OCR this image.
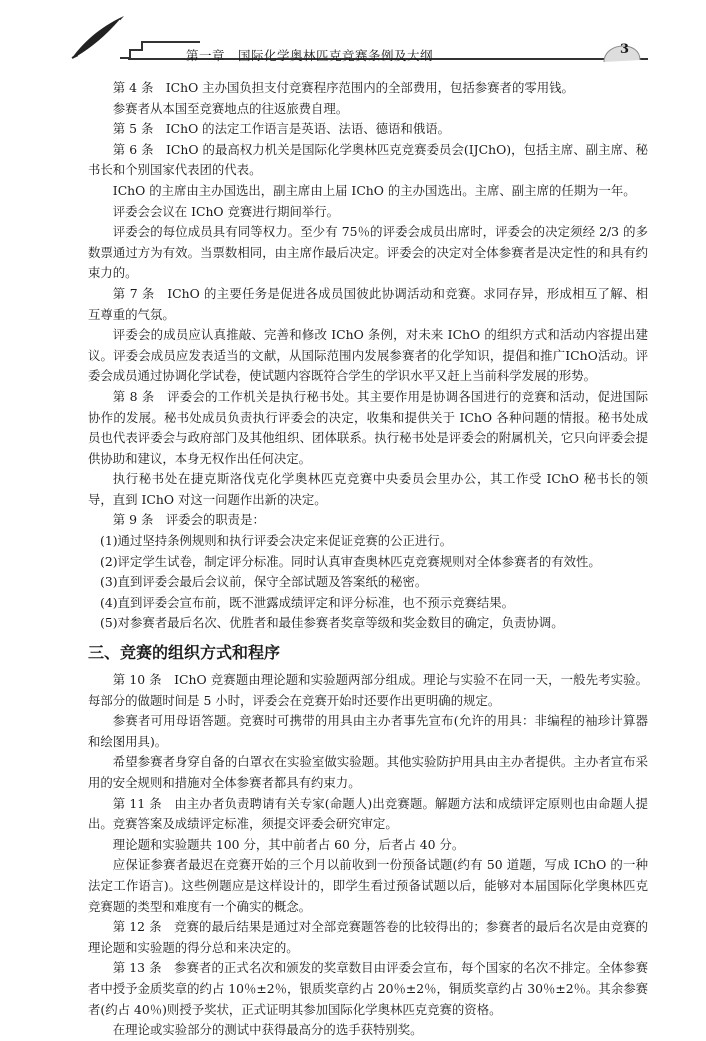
第一章　国际化学奥林匹克竞赛条例及大纲	3

第 4 条　IChO 主办国负担支付竞赛程序范围内的全部费用，包括参赛者的零用钱。

参赛者从本国至竞赛地点的往返旅费自理。

第 5 条　IChO 的法定工作语言是英语、法语、德语和俄语。

第 6 条　IChO 的最高权力机关是国际化学奥林匹克竞赛委员会(IJChO)，包括主席、副主席、秘书长和个别国家代表团的代表。

IChO 的主席由主办国选出，副主席由上届 IChO 的主办国选出。主席、副主席的任期为一年。

评委会会议在 IChO 竞赛进行期间举行。

评委会的每位成员具有同等权力。至少有 75％的评委会成员出席时，评委会的决定须经 2/3 的多数票通过方为有效。当票数相同，由主席作最后决定。评委会的决定对全体参赛者是决定性的和具有约束力的。

第 7 条　IChO 的主要任务是促进各成员国彼此协调活动和竞赛。求同存异，形成相互了解、相互尊重的气氛。

评委会的成员应认真推敲、完善和修改 IChO 条例，对未来 IChO 的组织方式和活动内容提出建议。评委会成员应发表适当的文献，从国际范围内发展参赛者的化学知识，提倡和推广IChO活动。评委会成员通过协调化学试卷，使试题内容既符合学生的学识水平又赶上当前科学发展的形势。

第 8 条　评委会的工作机关是执行秘书处。其主要作用是协调各国进行的竞赛和活动，促进国际协作的发展。秘书处成员负责执行评委会的决定，收集和提供关于 IChO 各种问题的情报。秘书处成员也代表评委会与政府部门及其他组织、团体联系。执行秘书处是评委会的附属机关，它只向评委会提供协助和建议，本身无权作出任何决定。

执行秘书处在捷克斯洛伐克化学奥林匹克竞赛中央委员会里办公，其工作受 IChO 秘书长的领导，直到 IChO 对这一问题作出新的决定。

第 9 条　评委会的职责是：

(1)通过坚持条例规则和执行评委会决定来促证竞赛的公正进行。

(2)评定学生试卷，制定评分标准。同时认真审查奥林匹克竞赛规则对全体参赛者的有效性。

(3)直到评委会最后会议前，保守全部试题及答案纸的秘密。

(4)直到评委会宣布前，既不泄露成绩评定和评分标准，也不预示竞赛结果。

(5)对参赛者最后名次、优胜者和最佳参赛者奖章等级和奖金数目的确定，负责协调。

三、竞赛的组织方式和程序

第 10 条　IChO 竞赛题由理论题和实验题两部分组成。理论与实验不在同一天，一般先考实验。每部分的做题时间是 5 小时，评委会在竞赛开始时还要作出更明确的规定。

参赛者可用母语答题。竞赛时可携带的用具由主办者事先宣布(允许的用具：非编程的袖珍计算器和绘图用具)。

希望参赛者身穿自备的白罩衣在实验室做实验题。其他实验防护用具由主办者提供。主办者宣布采用的安全规则和措施对全体参赛者都具有约束力。

第 11 条　由主办者负责聘请有关专家(命题人)出竞赛题。解题方法和成绩评定原则也由命题人提出。竞赛答案及成绩评定标准，须提交评委会研究审定。

理论题和实验题共 100 分，其中前者占 60 分，后者占 40 分。

应保证参赛者最迟在竞赛开始的三个月以前收到一份预备试题(约有 50 道题，写成 IChO 的一种法定工作语言)。这些例题应是这样设计的，即学生看过预备试题以后，能够对本届国际化学奥林匹克竞赛题的类型和难度有一个确实的概念。

第 12 条　竞赛的最后结果是通过对全部竞赛题答卷的比较得出的；参赛者的最后名次是由竞赛的理论题和实验题的得分总和来决定的。

第 13 条　参赛者的正式名次和颁发的奖章数目由评委会宣布，每个国家的名次不排定。全体参赛者中授予金质奖章的约占 10％±2％，银质奖章约占 20％±2％，铜质奖章约占 30％±2％。其余参赛者(约占 40％)则授予奖状，正式证明其参加国际化学奥林匹克竞赛的资格。

在理论或实验部分的测试中获得最高分的选手获特别奖。
